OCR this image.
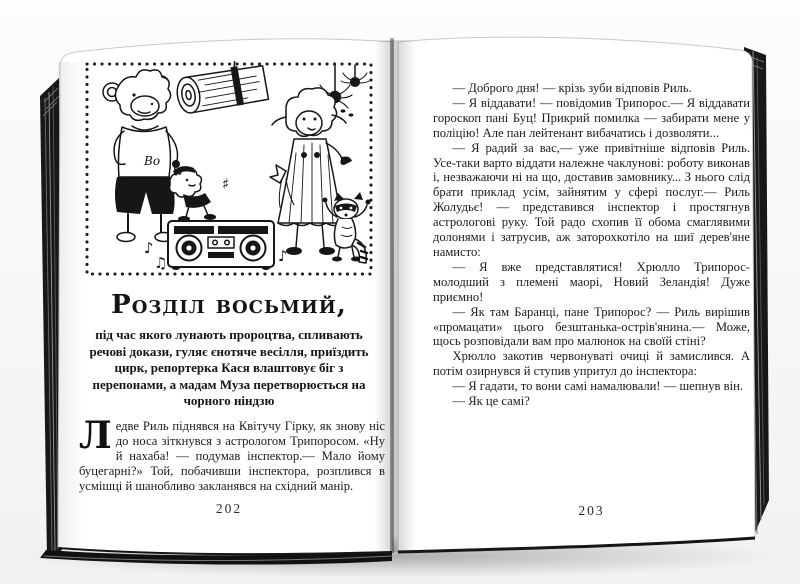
Во
♪
♯
♫	♪
Розділ восьмий,
під час якого лунають пророцтва, спливають речові докази, гуляє єнотяче весілля, приїздить цирк, репортерка Кася влаштовує біг з перепонами, а мадам Муза перетворюється на чорного ніндзю
Ледве Риль піднявся на Квітучу Гірку, як знову ніс до носа зіткнувся з астрологом Трипоросом. «Ну й нахаба! — подумав інспектор.— Мало йому буцегарні?» Той, побачивши інспектора, розплився в усмішці й шанобливо закланявся на східний манір.
202

— Доброго дня! — крізь зуби відповів Риль.

— Я віддавати! — повідомив Трипорос.— Я віддавати гороскоп пані Буц! Прикрий помилка — забирати мене у поліцію! Але пан лейтенант вибачатись і дозволяти...

— Я радий за вас,— уже привітніше відповів Риль. Усе-таки варто віддати належне чаклунові: роботу виконав і, незважаючи ні на що, доставив замовнику... З нього слід брати приклад усім, зайнятим у сфері послуг.— Риль Жолудьє! — представився інспектор і простягнув астрологові руку. Той радо схопив її обома смаглявими долонями і затрусив, аж заторохкотіло на шиї дерев'яне намисто:

— Я вже представлятися! Хрюлло Трипорос-молодший з племені маорі, Новий Зеландія! Дуже приємно!

— Як там Баранці, пане Трипорос? — Риль вирішив «промацати» цього безштанька-острів'янина.— Може, щось розповідали вам про малюнок на своїй стіні?

Хрюлло закотив червонуваті очиці й замислився. А потім озирнувся й ступив упритул до інспектора:

— Я гадати, то вони самі намалювали! — шепнув він.

— Як це самі?

203
